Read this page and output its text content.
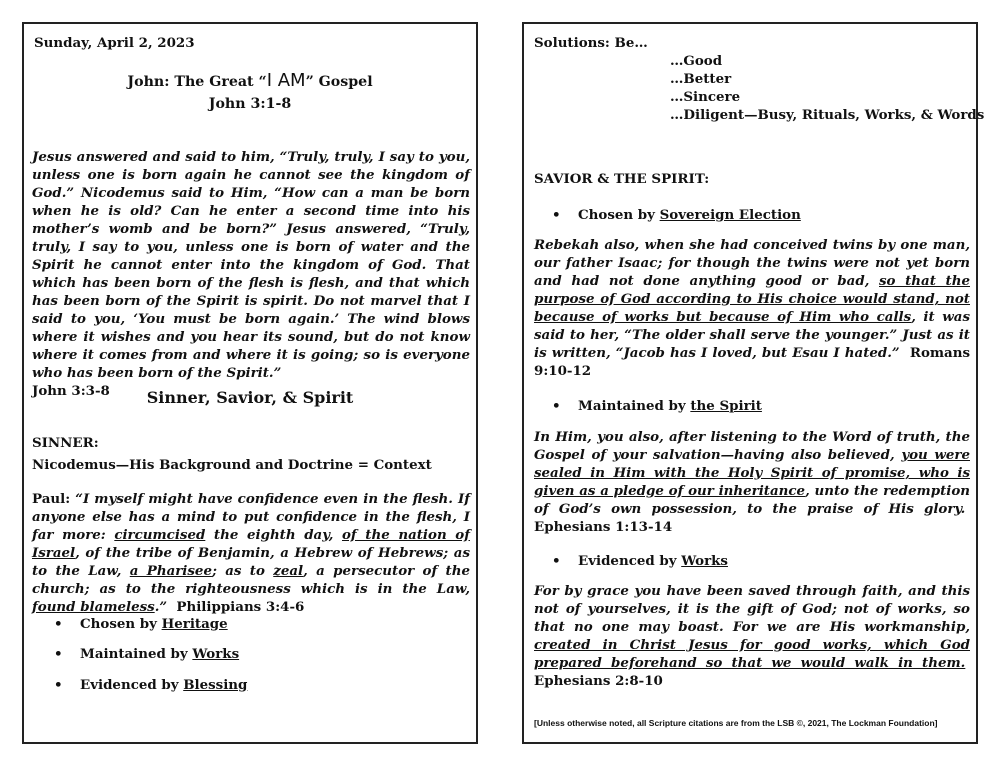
Sunday, April 2, 2023
John: The Great “I AM” Gospel
John 3:1-8
Jesus answered and said to him, “Truly, truly, I say to you, unless one is born again he cannot see the kingdom of God.” Nicodemus said to Him, “How can a man be born when he is old? Can he enter a second time into his mother’s womb and be born?” Jesus answered, “Truly, truly, I say to you, unless one is born of water and the Spirit he cannot enter into the kingdom of God. That which has been born of the flesh is flesh, and that which has been born of the Spirit is spirit. Do not marvel that I said to you, ‘You must be born again.’ The wind blows where it wishes and you hear its sound, but do not know where it comes from and where it is going; so is everyone who has been born of the Spirit.”
John 3:3-8	Sinner, Savior, & Spirit
SINNER:
Nicodemus—His Background and Doctrine = Context
Paul: “I myself might have confidence even in the flesh. If anyone else has a mind to put confidence in the flesh, I far more: circumcised the eighth day, of the nation of Israel, of the tribe of Benjamin, a Hebrew of Hebrews; as to the Law, a Pharisee; as to zeal, a persecutor of the church; as to the righteousness which is in the Law, found blameless.” Philippians 3:4-6
• Chosen by Heritage
• Maintained by Works
• Evidenced by Blessing
Solutions: Be…
…Good
…Better
…Sincere
…Diligent—Busy, Rituals, Works, & Words
SAVIOR & THE SPIRIT:
• Chosen by Sovereign Election
Rebekah also, when she had conceived twins by one man, our father Isaac; for though the twins were not yet born and had not done anything good or bad, so that the purpose of God according to His choice would stand, not because of works but because of Him who calls, it was said to her, “The older shall serve the younger.” Just as it is written, “Jacob has I loved, but Esau I hated.” Romans 9:10-12
• Maintained by the Spirit
In Him, you also, after listening to the Word of truth, the Gospel of your salvation—having also believed, you were sealed in Him with the Holy Spirit of promise, who is given as a pledge of our inheritance, unto the redemption of God’s own possession, to the praise of His glory.  Ephesians 1:13-14
• Evidenced by Works
For by grace you have been saved through faith, and this not of yourselves, it is the gift of God; not of works, so that no one may boast. For we are His workmanship, created in Christ Jesus for good works, which God prepared beforehand so that we would walk in them.  Ephesians 2:8-10
[Unless otherwise noted, all Scripture citations are from the LSB ©, 2021, The Lockman Foundation]
